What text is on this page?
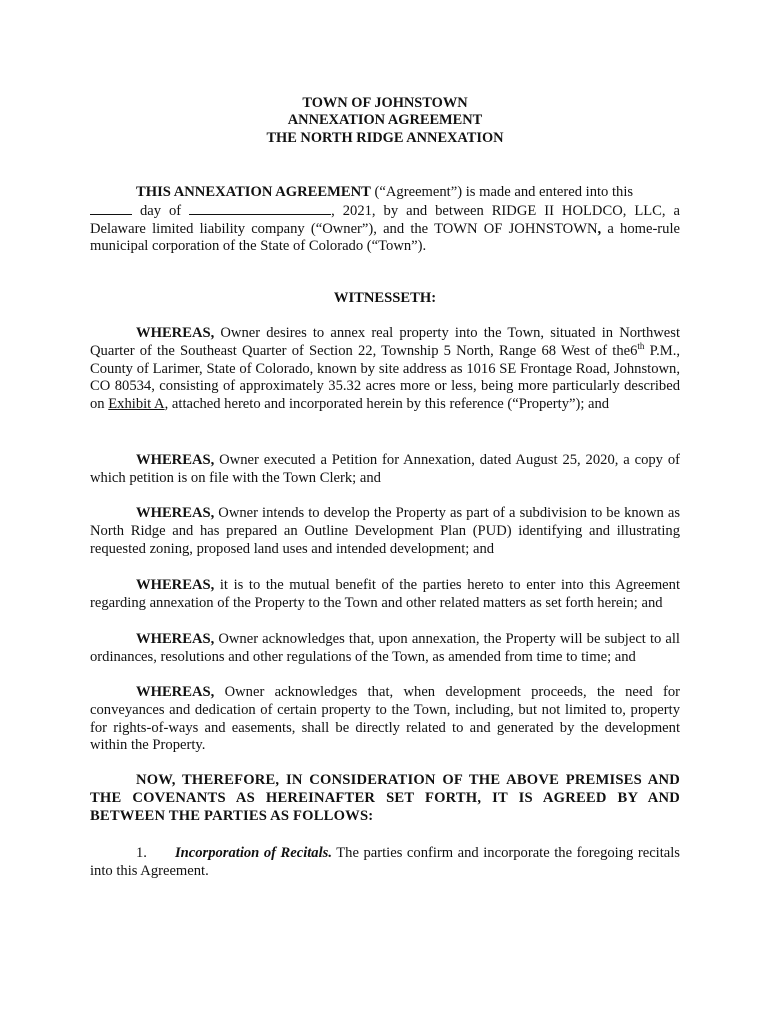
TOWN OF JOHNSTOWN
ANNEXATION AGREEMENT
THE NORTH RIDGE ANNEXATION
THIS ANNEXATION AGREEMENT (“Agreement”) is made and entered into this
day of	, 2021, by and between RIDGE II HOLDCO, LLC, a Delaware limited liability company (“Owner”), and the TOWN OF JOHNSTOWN, a home-rule municipal corporation of the State of Colorado (“Town”).
WITNESSETH:
WHEREAS, Owner desires to annex real property into the Town, situated in Northwest Quarter of the Southeast Quarter of Section 22, Township 5 North, Range 68 West of the6th P.M., County of Larimer, State of Colorado, known by site address as 1016 SE Frontage Road, Johnstown, CO 80534, consisting of approximately 35.32 acres more or less, being more particularly described on Exhibit A, attached hereto and incorporated herein by this reference (“Property”); and
WHEREAS, Owner executed a Petition for Annexation, dated August 25, 2020, a copy of which petition is on file with the Town Clerk; and
WHEREAS, Owner intends to develop the Property as part of a subdivision to be known as North Ridge and has prepared an Outline Development Plan (PUD) identifying and illustrating requested zoning, proposed land uses and intended development; and
WHEREAS, it is to the mutual benefit of the parties hereto to enter into this Agreement regarding annexation of the Property to the Town and other related matters as set forth herein; and
WHEREAS, Owner acknowledges that, upon annexation, the Property will be subject to all ordinances, resolutions and other regulations of the Town, as amended from time to time; and
WHEREAS, Owner acknowledges that, when development proceeds, the need for conveyances and dedication of certain property to the Town, including, but not limited to, property for rights-of-ways and easements, shall be directly related to and generated by the development within the Property.
NOW, THEREFORE, IN CONSIDERATION OF THE ABOVE PREMISES AND THE COVENANTS AS HEREINAFTER SET FORTH, IT IS AGREED BY AND BETWEEN THE PARTIES AS FOLLOWS:
1. Incorporation of Recitals. The parties confirm and incorporate the foregoing recitals into this Agreement.
